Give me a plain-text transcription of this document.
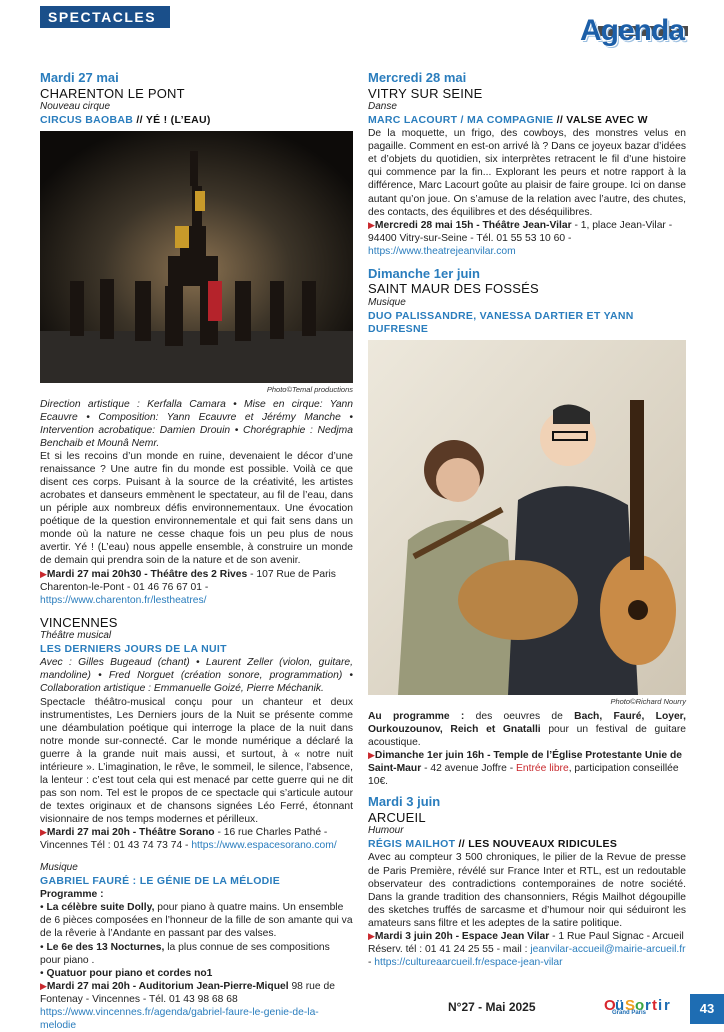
SPECTACLES	Agenda
Mardi 27 mai
CHARENTON LE PONT
Nouveau cirque
CIRCUS BAOBAB // YÉ ! (L’EAU)
Photo©Temal productions

Direction artistique : Kerfalla Camara • Mise en cirque: Yann Ecauvre • Composition: Yann Ecauvre et Jérémy Manche • Intervention acrobatique: Damien Drouin • Chorégraphie : Nedjma Benchaib et Mounâ Nemr.

Et si les recoins d’un monde en ruine, devenaient le décor d’une renaissance ? Une autre fin du monde est possible. Voilà ce que disent ces corps. Puisant à la source de la créativité, les artistes acrobates et danseurs emmènent le spectateur, au fil de l’eau, dans un périple aux nombreux défis environnementaux. Une évocation poétique de la question environnementale et qui fait sens dans un monde où la nature ne cesse chaque fois un peu plus de nous avertir. Yé ! (L’eau) nous appelle ensemble, à construire un monde de demain qui prendra soin de la nature et de son avenir.

▶Mardi 27 mai 20h30 - Théâtre des 2 Rives - 107 Rue de Paris Charenton-le-Pont - 01 46 76 67 01 - https://www.charenton.fr/lestheatres/

VINCENNES
Théâtre musical
LES DERNIERS JOURS DE LA NUIT

Avec : Gilles Bugeaud (chant) • Laurent Zeller (violon, guitare, mandoline) • Fred Norguet (création sonore, programmation) • Collaboration artistique : Emmanuelle Goizé, Pierre Méchanik.

Spectacle théâtro-musical conçu pour un chanteur et deux instrumentistes, Les Derniers jours de la Nuit se présente comme une déambulation poétique qui interroge la place de la nuit dans notre monde sur-connecté. Car le monde numérique a déclaré la guerre à la grande nuit mais aussi, et surtout, à « notre nuit intérieure ». L’imagination, le rêve, le sommeil, le silence, l’absence, la lenteur : c’est tout cela qui est menacé par cette guerre qui ne dit pas son nom. Tel est le propos de ce spectacle qui s’articule autour de textes originaux et de chansons signées Léo Ferré, étonnant visionnaire de nos temps modernes et périlleux.

▶Mardi 27 mai 20h - Théâtre Sorano - 16 rue Charles Pathé - Vincennes Tél : 01 43 74 73 74 - https://www.espacesorano.com/

Musique
GABRIEL FAURÉ : LE GÉNIE DE LA MÉLODIE
Programme :
• La célèbre suite Dolly, pour piano à quatre mains. Un ensemble de 6 pièces composées en l’honneur de la fille de son amante qui va de la rêverie à l’Andante en passant par des valses.
• Le 6e des 13 Nocturnes, la plus connue de ses compositions pour piano .
• Quatuor pour piano et cordes no1

▶Mardi 27 mai 20h - Auditorium Jean-Pierre-Miquel 98 rue de Fontenay - Vincennes - Tél. 01 43 98 68 68 https://www.vincennes.fr/agenda/gabriel-faure-le-genie-de-la-melodie

Mercredi 28 mai
VITRY SUR SEINE
Danse
MARC LACOURT / MA COMPAGNIE // VALSE AVEC W

De la moquette, un frigo, des cowboys, des monstres velus en pagaille. Comment en est-on arrivé là ? Dans ce joyeux bazar d’idées et d’objets du quotidien, six interprètes retracent le fil d’une histoire qui commence par la fin... Explorant les peurs et notre rapport à la différence, Marc Lacourt goûte au plaisir de faire groupe. Ici on danse autant qu’on joue. On s’amuse de la relation avec l’autre, des chutes, des contacts, des équilibres et des déséquilibres.

▶Mercredi 28 mai 15h - Théâtre Jean-Vilar - 1, place Jean-Vilar - 94400 Vitry-sur-Seine - Tél. 01 55 53 10 60 - https://www.theatrejeanvilar.com

Dimanche 1er juin
SAINT MAUR DES FOSSÉS
Musique
DUO PALISSANDRE, VANESSA DARTIER ET YANN DUFRESNE
Photo©Richard Nourry

Au programme : des oeuvres de Bach, Fauré, Loyer, Ourkouzounov, Reich et Gnatalli pour un festival de guitare acoustique.

▶Dimanche 1er juin 16h - Temple de l’Église Protestante Unie de Saint-Maur - 42 avenue Joffre - Entrée libre, participation conseillée 10€.

Mardi 3 juin
ARCUEIL
Humour
RÉGIS MAILHOT // LES NOUVEAUX RIDICULES

Avec au compteur 3 500 chroniques, le pilier de la Revue de presse de Paris Première, révélé sur France Inter et RTL, est un redoutable observateur des contradictions contemporaines de notre société. Dans la grande tradition des chansonniers, Régis Mailhot dégoupille des sketches truffés de sarcasme et d’humour noir qui séduiront les amateurs sans filtre et les adeptes de la satire politique.

▶Mardi 3 juin 20h - Espace Jean Vilar - 1 Rue Paul Signac - Arcueil Réserv. tél : 01 41 24 25 55 - mail : jeanvilar-accueil@mairie-arcueil.fr - https://cultureaarcueil.fr/espace-jean-vilar

N°27 - Mai 2025	O ü S o r t i r
Grand Paris	43
